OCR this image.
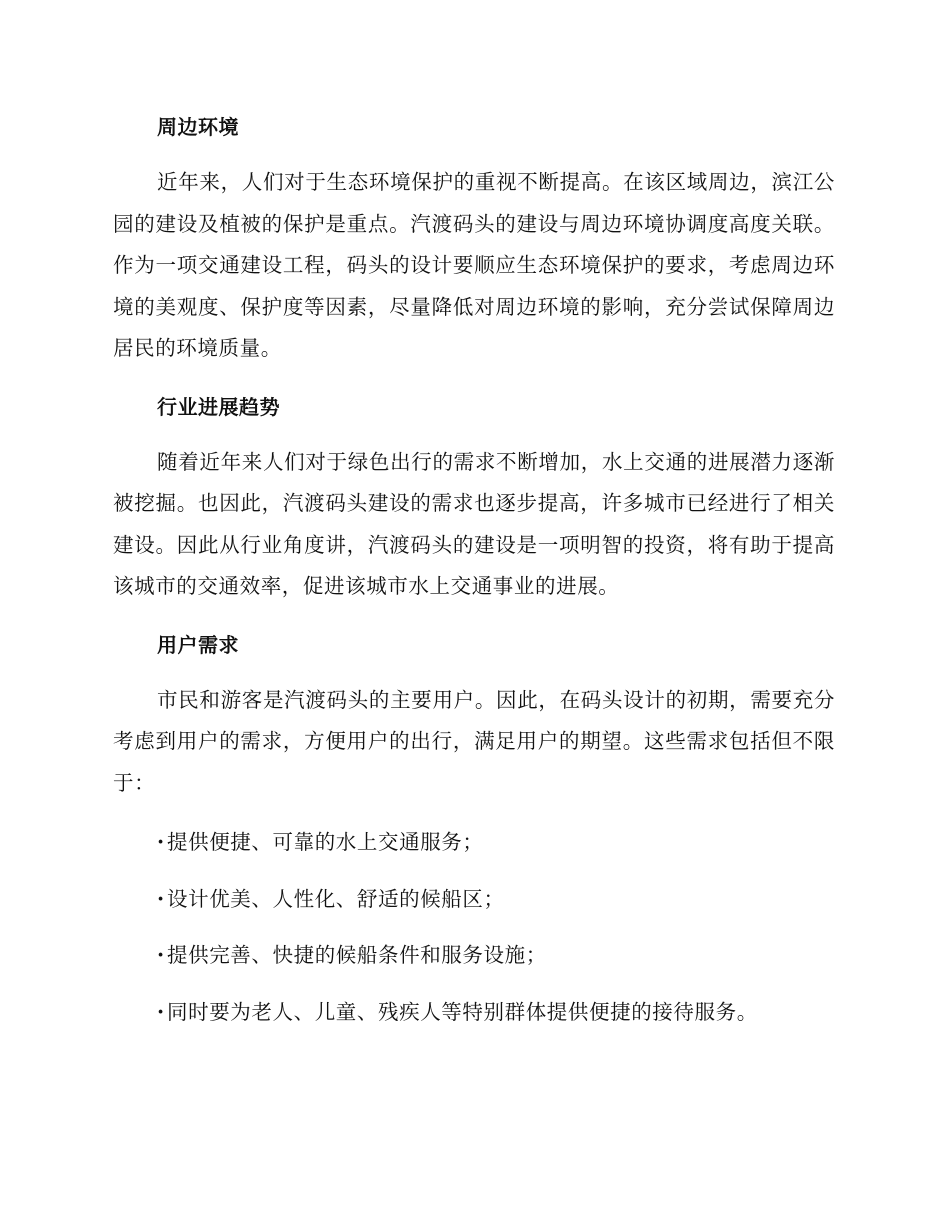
周边环境

近年来，人们对于生态环境保护的重视不断提高。在该区域周边，滨江公园的建设及植被的保护是重点。汽渡码头的建设与周边环境协调度高度关联。作为一项交通建设工程，码头的设计要顺应生态环境保护的要求，考虑周边环境的美观度、保护度等因素，尽量降低对周边环境的影响，充分尝试保障周边居民的环境质量。

行业进展趋势

随着近年来人们对于绿色出行的需求不断增加，水上交通的进展潜力逐渐被挖掘。也因此，汽渡码头建设的需求也逐步提高，许多城市已经进行了相关建设。因此从行业角度讲，汽渡码头的建设是一项明智的投资，将有助于提高该城市的交通效率，促进该城市水上交通事业的进展。

用户需求

市民和游客是汽渡码头的主要用户。因此，在码头设计的初期，需要充分考虑到用户的需求，方便用户的出行，满足用户的期望。这些需求包括但不限于：

· 提供便捷、可靠的水上交通服务；
· 设计优美、人性化、舒适的候船区；
· 提供完善、快捷的候船条件和服务设施；
· 同时要为老人、儿童、残疾人等特别群体提供便捷的接待服务。
